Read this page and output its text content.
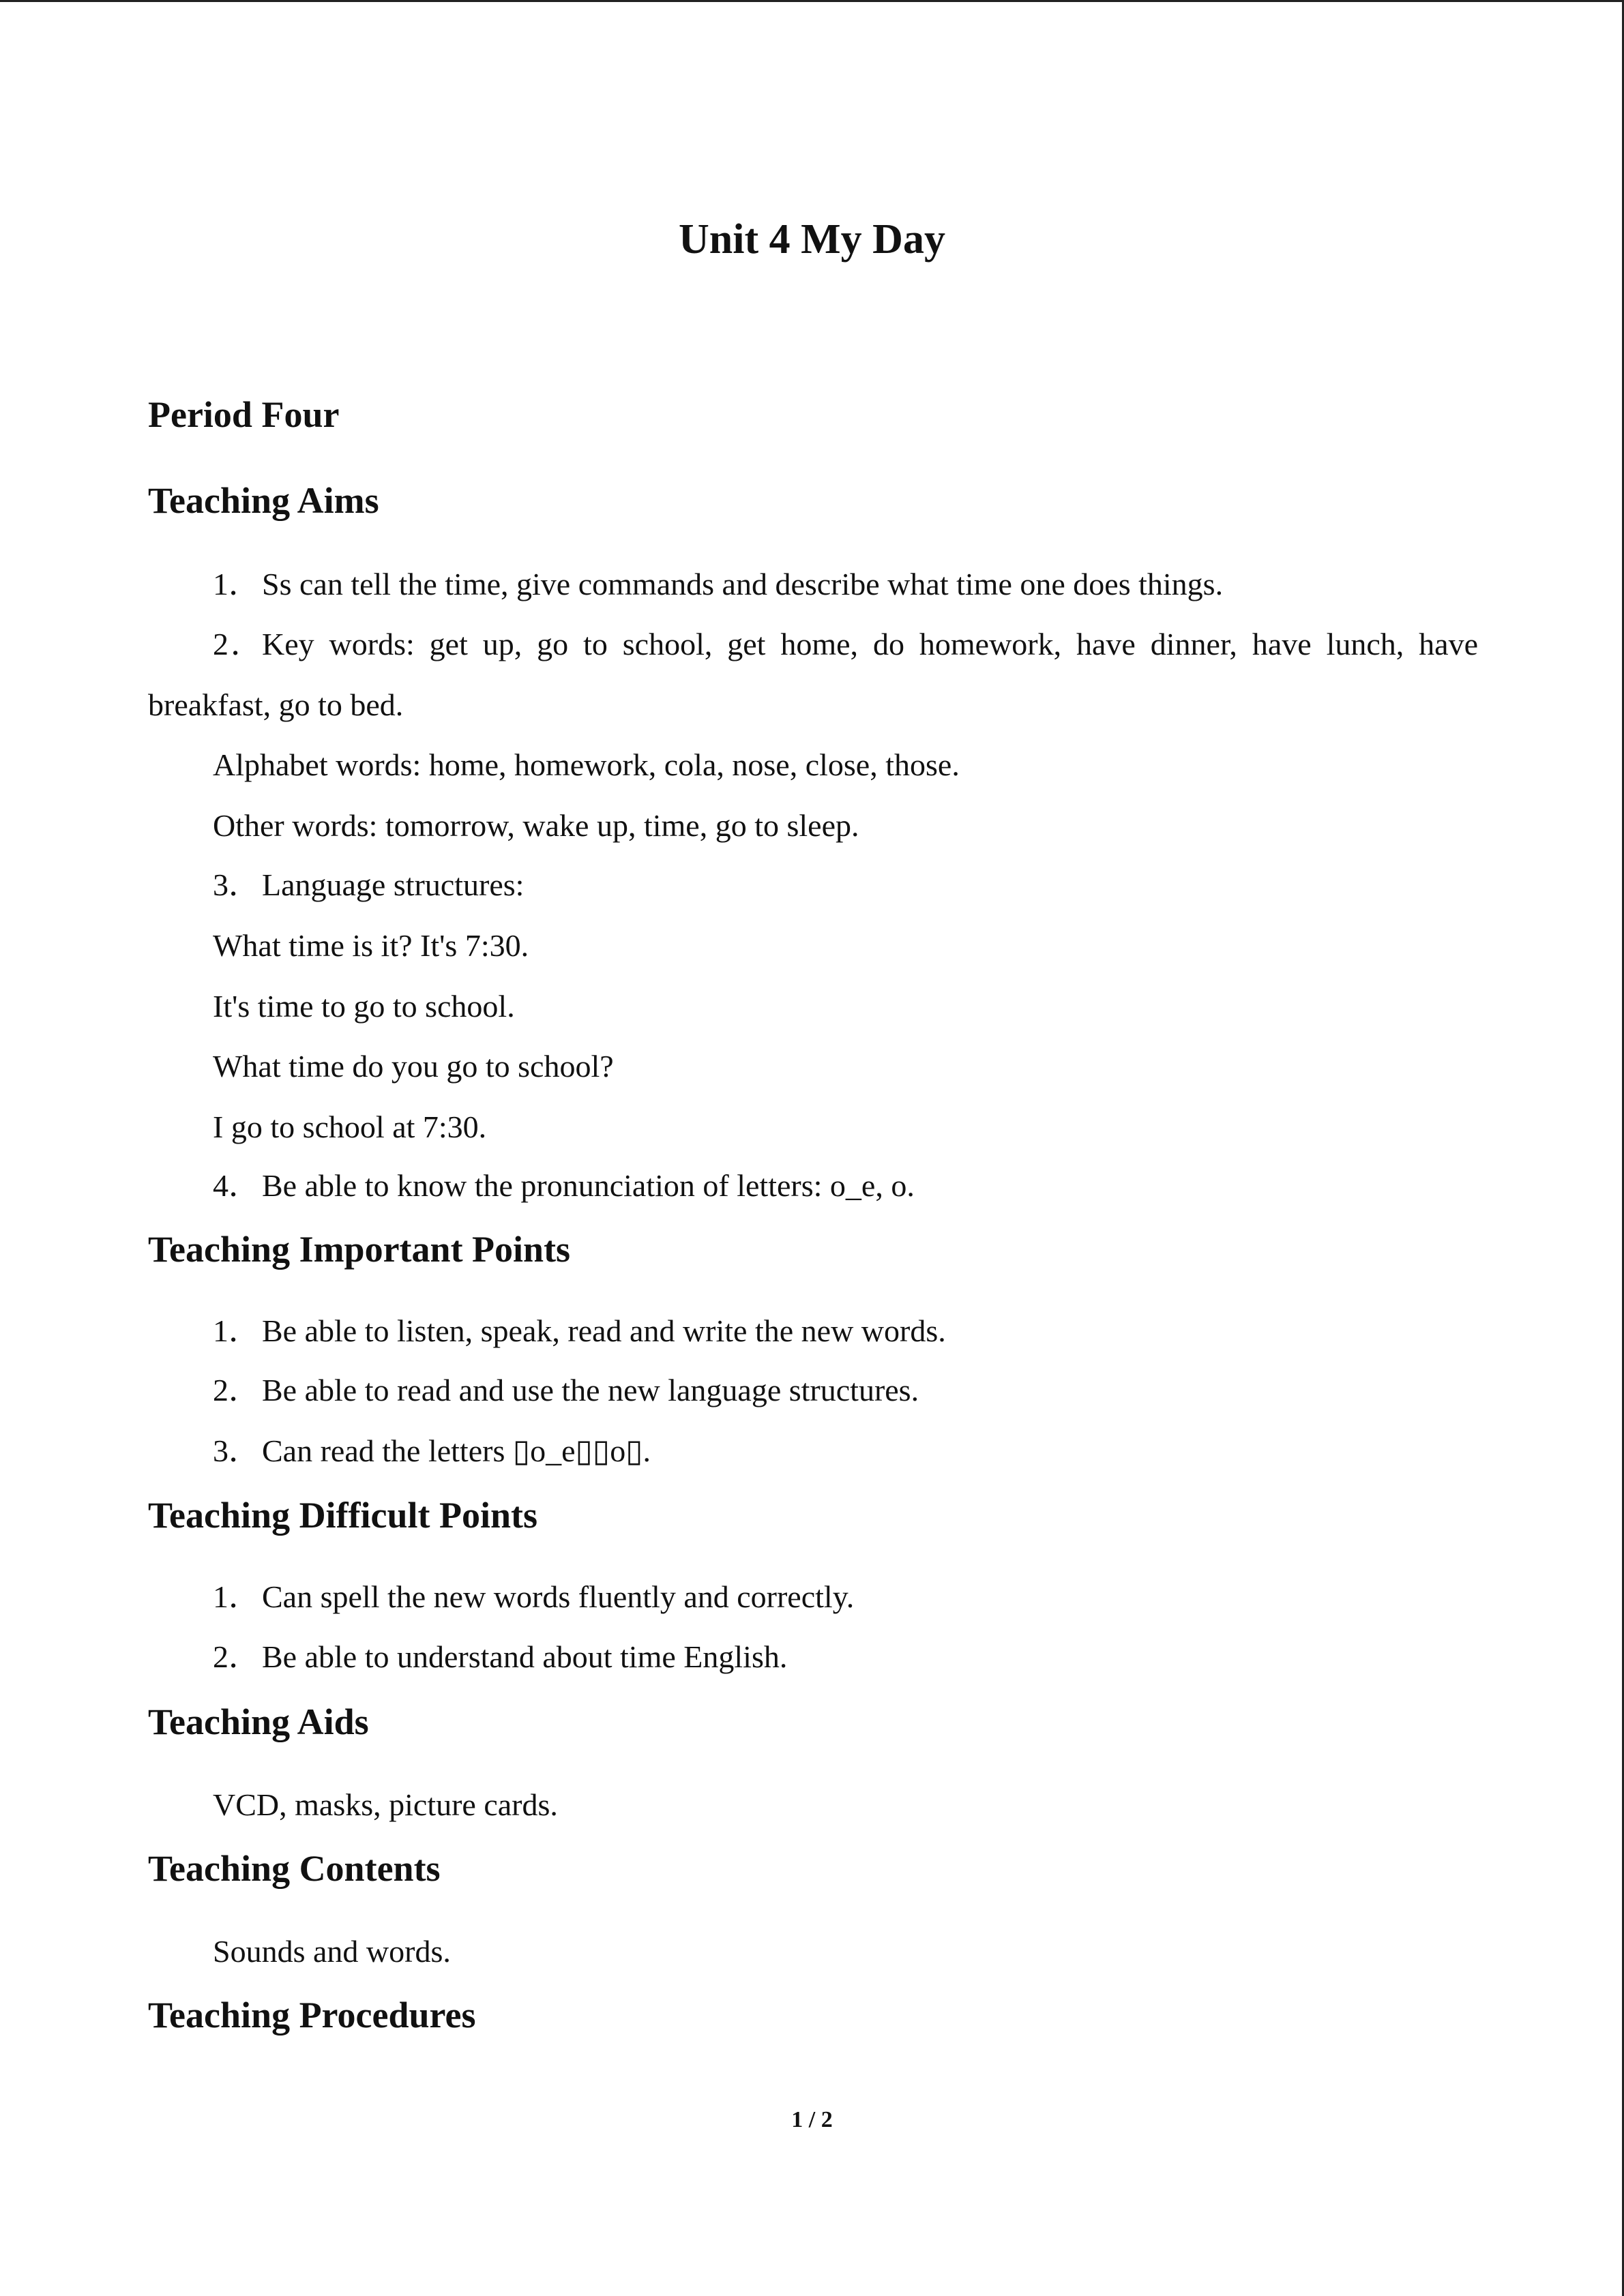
Unit 4 My Day
Period Four
Teaching Aims
1．Ss can tell the time, give commands and describe what time one does things.
2．Key words: get up, go to school, get home, do homework, have dinner, have lunch, have
breakfast, go to bed.
Alphabet words: home, homework, cola, nose, close, those.
Other words: tomorrow, wake up, time, go to sleep.
3．Language structures:
What time is it? It's 7:30.
It's time to go to school.
What time do you go to school?
I go to school at 7:30.
4．Be able to know the pronunciation of letters: o_e, o.
Teaching Important Points
1．Be able to listen, speak, read and write the new words.
2．Be able to read and use the new language structures.
3．Can read the letters ▯o_e▯▯o▯.
Teaching Difficult Points
1．Can spell the new words fluently and correctly.
2．Be able to understand about time English.
Teaching Aids
VCD, masks, picture cards.
Teaching Contents
Sounds and words.
Teaching Procedures
1 / 2
